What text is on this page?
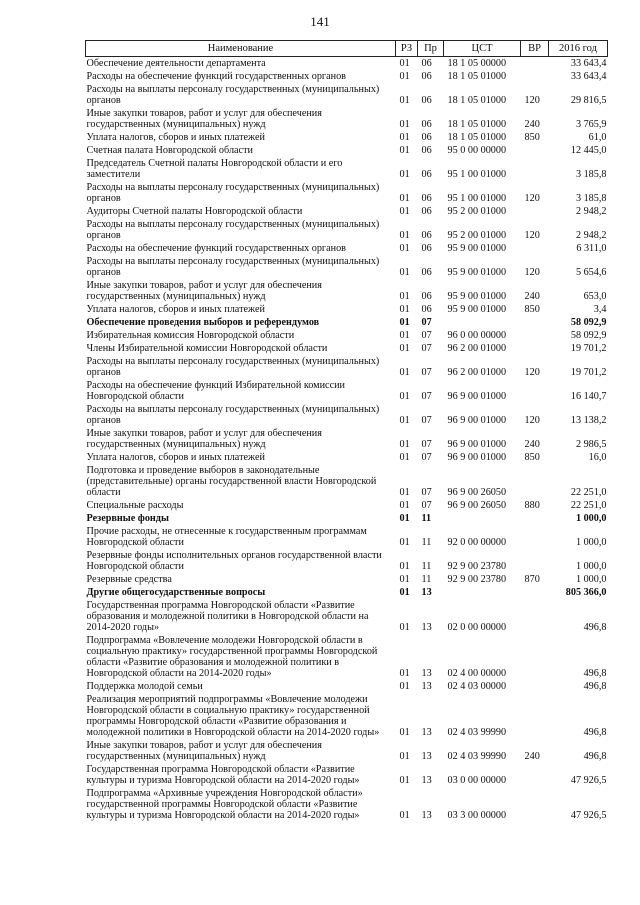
141
Наименование	РЗ	Пр	ЦСТ	ВР	2016 год
Обеспечение деятельности департамента	01	06	18 1 05 00000		33 643,4
Расходы на обеспечение функций государственных органов	01	06	18 1 05 01000		33 643,4
Расходы на выплаты персоналу государственных (муниципальных) органов	01	06	18 1 05 01000	120	29 816,5
Иные закупки товаров, работ и услуг для обеспечения государственных (муниципальных) нужд	01	06	18 1 05 01000	240	3 765,9
Уплата налогов, сборов и иных платежей	01	06	18 1 05 01000	850	61,0
Счетная палата Новгородской области	01	06	95 0 00 00000		12 445,0
Председатель Счетной палаты Новгородской области и его заместители	01	06	95 1 00 01000		3 185,8
Расходы на выплаты персоналу государственных (муниципальных) органов	01	06	95 1 00 01000	120	3 185,8
Аудиторы Счетной палаты Новгородской области	01	06	95 2 00 01000		2 948,2
Расходы на выплаты персоналу государственных (муниципальных) органов	01	06	95 2 00 01000	120	2 948,2
Расходы на обеспечение функций государственных органов	01	06	95 9 00 01000		6 311,0
Расходы на выплаты персоналу государственных (муниципальных) органов	01	06	95 9 00 01000	120	5 654,6
Иные закупки товаров, работ и услуг для обеспечения государственных (муниципальных) нужд	01	06	95 9 00 01000	240	653,0
Уплата налогов, сборов и иных платежей	01	06	95 9 00 01000	850	3,4
Обеспечение проведения выборов и референдумов	01	07			58 092,9
Избирательная комиссия Новгородской области	01	07	96 0 00 00000		58 092,9
Члены Избирательной комиссии Новгородской области	01	07	96 2 00 01000		19 701,2
Расходы на выплаты персоналу государственных (муниципальных) органов	01	07	96 2 00 01000	120	19 701,2
Расходы на обеспечение функций Избирательной комиссии Новгородской области	01	07	96 9 00 01000		16 140,7
Расходы на выплаты персоналу государственных (муниципальных) органов	01	07	96 9 00 01000	120	13 138,2
Иные закупки товаров, работ и услуг для обеспечения государственных (муниципальных) нужд	01	07	96 9 00 01000	240	2 986,5
Уплата налогов, сборов и иных платежей	01	07	96 9 00 01000	850	16,0
Подготовка и проведение выборов в законодательные (представительные) органы государственной власти Новгородской области	01	07	96 9 00 26050		22 251,0
Специальные расходы	01	07	96 9 00 26050	880	22 251,0
Резервные фонды	01	11			1 000,0
Прочие расходы, не отнесенные к государственным программам Новгородской области	01	11	92 0 00 00000		1 000,0
Резервные фонды исполнительных органов государственной власти Новгородской области	01	11	92 9 00 23780		1 000,0
Резервные средства	01	11	92 9 00 23780	870	1 000,0
Другие общегосударственные вопросы	01	13			805 366,0
Государственная программа Новгородской области «Развитие образования и молодежной политики в Новгородской области на 2014-2020 годы»	01	13	02 0 00 00000		496,8
Подпрограмма «Вовлечение молодежи Новгородской области в социальную практику» государственной программы Новгородской области «Развитие образования и молодежной политики в Новгородской области на 2014-2020 годы»	01	13	02 4 00 00000		496,8
Поддержка молодой семьи	01	13	02 4 03 00000		496,8
Реализация мероприятий подпрограммы «Вовлечение молодежи Новгородской области в социальную практику» государственной программы Новгородской области «Развитие образования и молодежной политики в Новгородской области на 2014-2020 годы»	01	13	02 4 03 99990		496,8
Иные закупки товаров, работ и услуг для обеспечения государственных (муниципальных) нужд	01	13	02 4 03 99990	240	496,8
Государственная программа Новгородской области «Развитие культуры и туризма Новгородской области на 2014-2020 годы»	01	13	03 0 00 00000		47 926,5
Подпрограмма «Архивные учреждения Новгородской области» государственной программы Новгородской области «Развитие культуры и туризма Новгородской области на 2014-2020 годы»	01	13	03 3 00 00000		47 926,5
